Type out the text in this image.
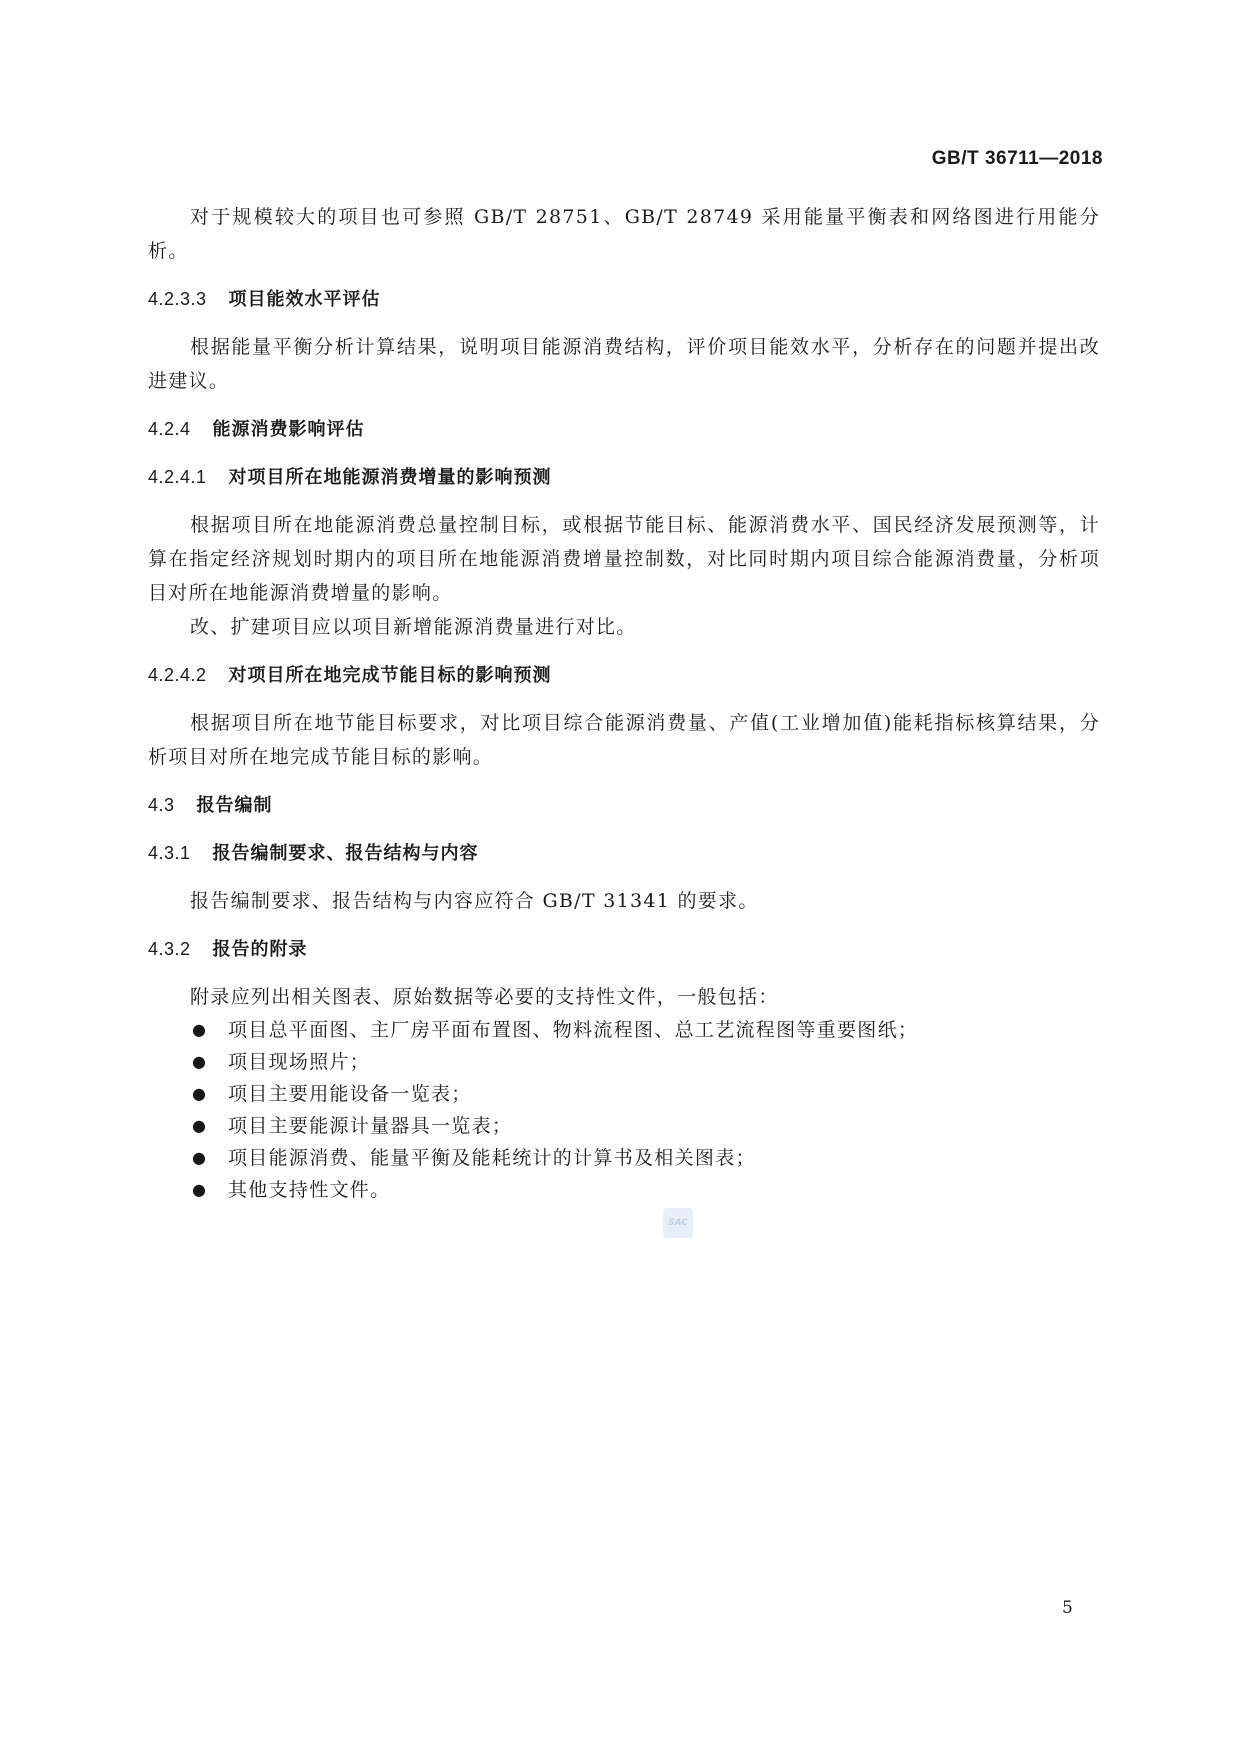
GB/T 36711—2018

对于规模较大的项目也可参照 GB/T 28751、GB/T 28749 采用能量平衡表和网络图进行用能分析。

4.2.3.3 项目能效水平评估

根据能量平衡分析计算结果，说明项目能源消费结构，评价项目能效水平，分析存在的问题并提出改进建议。

4.2.4 能源消费影响评估
4.2.4.1 对项目所在地能源消费增量的影响预测

根据项目所在地能源消费总量控制目标，或根据节能目标、能源消费水平、国民经济发展预测等，计算在指定经济规划时期内的项目所在地能源消费增量控制数，对比同时期内项目综合能源消费量，分析项目对所在地能源消费增量的影响。

改、扩建项目应以项目新增能源消费量进行对比。

4.2.4.2 对项目所在地完成节能目标的影响预测

根据项目所在地节能目标要求，对比项目综合能源消费量、产值(工业增加值)能耗指标核算结果，分析项目对所在地完成节能目标的影响。

4.3 报告编制
4.3.1 报告编制要求、报告结构与内容

报告编制要求、报告结构与内容应符合 GB/T 31341 的要求。

4.3.2 报告的附录

附录应列出相关图表、原始数据等必要的支持性文件，一般包括：

● 项目总平面图、主厂房平面布置图、物料流程图、总工艺流程图等重要图纸；
● 项目现场照片；
● 项目主要用能设备一览表；
● 项目主要能源计量器具一览表；
● 项目能源消费、能量平衡及能耗统计的计算书及相关图表；
● 其他支持性文件。
SAC
5
